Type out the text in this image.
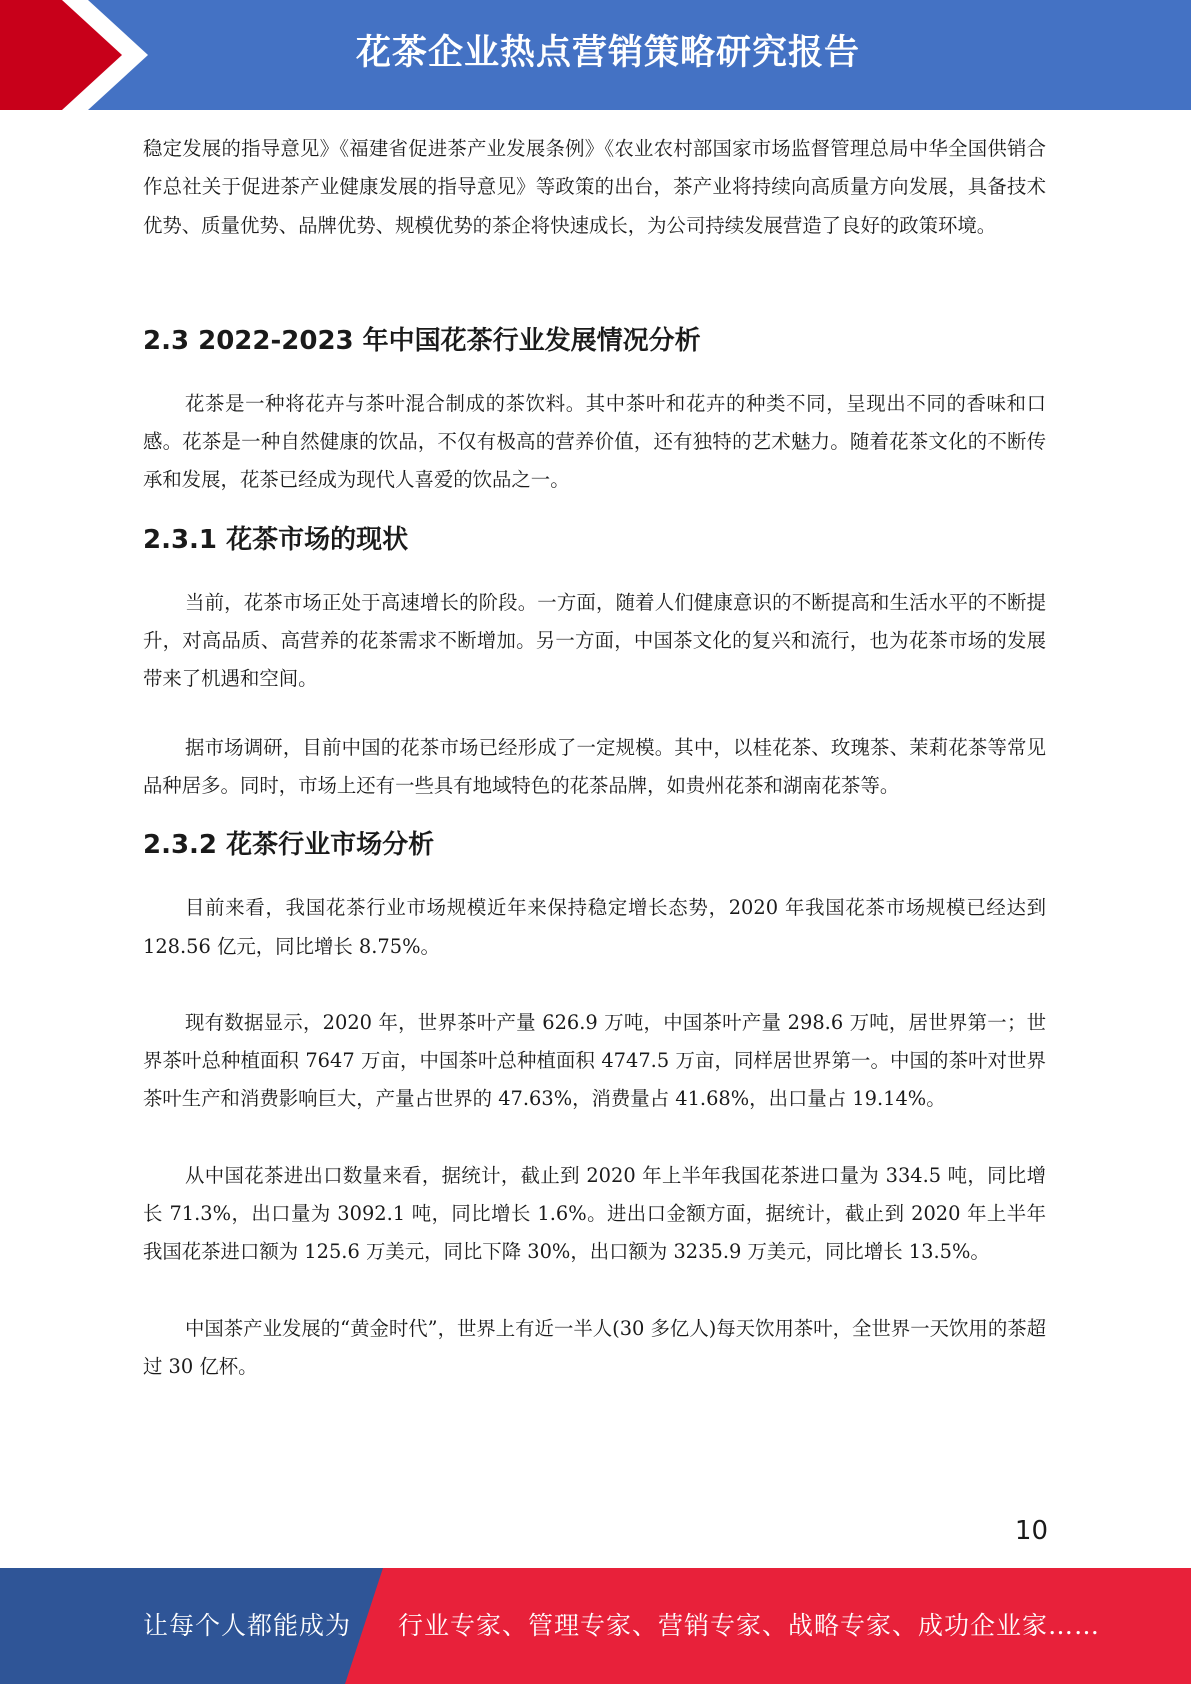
花茶企业热点营销策略研究报告

稳定发展的指导意见》《福建省促进茶产业发展条例》《农业农村部国家市场监督管理总局中华全国供销合作总社关于促进茶产业健康发展的指导意见》等政策的出台，茶产业将持续向高质量方向发展，具备技术优势、质量优势、品牌优势、规模优势的茶企将快速成长，为公司持续发展营造了良好的政策环境。

2.3 2022-2023 年中国花茶行业发展情况分析

花茶是一种将花卉与茶叶混合制成的茶饮料。其中茶叶和花卉的种类不同，呈现出不同的香味和口感。花茶是一种自然健康的饮品，不仅有极高的营养价值，还有独特的艺术魅力。随着花茶文化的不断传承和发展，花茶已经成为现代人喜爱的饮品之一。

2.3.1 花茶市场的现状

当前，花茶市场正处于高速增长的阶段。一方面，随着人们健康意识的不断提高和生活水平的不断提升，对高品质、高营养的花茶需求不断增加。另一方面，中国茶文化的复兴和流行，也为花茶市场的发展带来了机遇和空间。

据市场调研，目前中国的花茶市场已经形成了一定规模。其中，以桂花茶、玫瑰茶、茉莉花茶等常见品种居多。同时，市场上还有一些具有地域特色的花茶品牌，如贵州花茶和湖南花茶等。

2.3.2 花茶行业市场分析

目前来看，我国花茶行业市场规模近年来保持稳定增长态势，2020 年我国花茶市场规模已经达到 128.56 亿元，同比增长 8.75%。

现有数据显示，2020 年，世界茶叶产量 626.9 万吨，中国茶叶产量 298.6 万吨，居世界第一；世界茶叶总种植面积 7647 万亩，中国茶叶总种植面积 4747.5 万亩，同样居世界第一。中国的茶叶对世界茶叶生产和消费影响巨大，产量占世界的 47.63%，消费量占 41.68%，出口量占 19.14%。

从中国花茶进出口数量来看，据统计，截止到 2020 年上半年我国花茶进口量为 334.5 吨，同比增长 71.3%，出口量为 3092.1 吨，同比增长 1.6%。进出口金额方面，据统计，截止到 2020 年上半年我国花茶进口额为 125.6 万美元，同比下降 30%，出口额为 3235.9 万美元，同比增长 13.5%。

中国茶产业发展的“黄金时代”，世界上有近一半人(30 多亿人)每天饮用茶叶，全世界一天饮用的茶超过 30 亿杯。

10
让每个人都能成为 行业专家、管理专家、营销专家、战略专家、成功企业家……
